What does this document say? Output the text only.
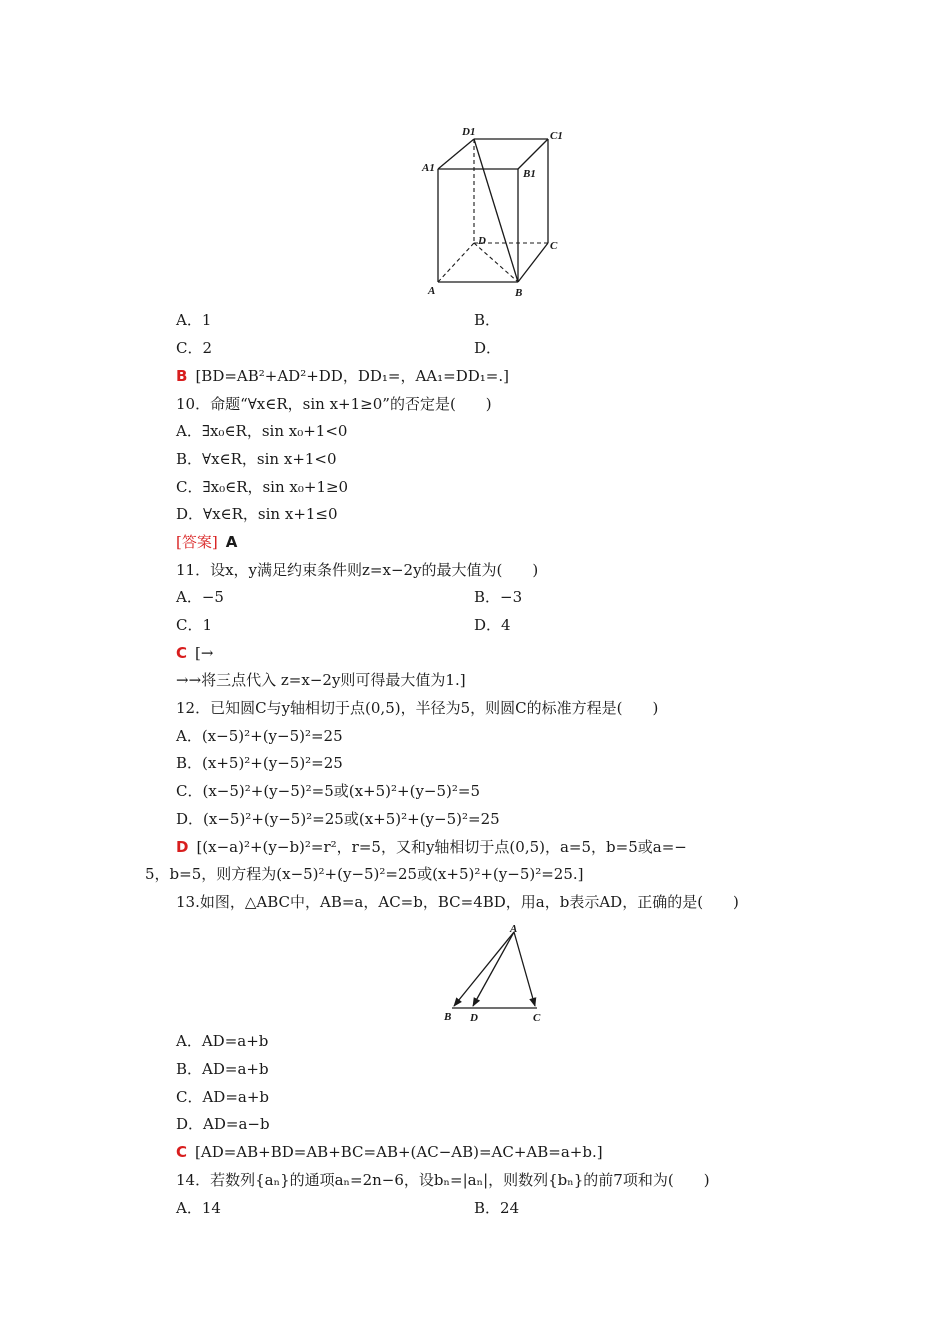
D1	C1
A1	B1
D	C
A	B
A．1	B．
C．2	D．
B [BD=AB²+AD²+DD，DD₁=，AA₁=DD₁=.]
10．命题“∀x∈R，sin x+1≥0”的否定是(　　)
A．∃x₀∈R，sin x₀+1<0
B．∀x∈R，sin x+1<0
C．∃x₀∈R，sin x₀+1≥0
D．∀x∈R，sin x+1≤0
[答案] A
11．设x，y满足约束条件则z=x−2y的最大值为(　　)
A．−5	B．−3
C．1	D．4
C [→
→→将三点代入 z=x−2y则可得最大值为1.]
12．已知圆C与y轴相切于点(0,5)，半径为5，则圆C的标准方程是(　　)
A．(x−5)²+(y−5)²=25
B．(x+5)²+(y−5)²=25
C．(x−5)²+(y−5)²=5或(x+5)²+(y−5)²=5
D．(x−5)²+(y−5)²=25或(x+5)²+(y−5)²=25
D [(x−a)²+(y−b)²=r²，r=5，又和y轴相切于点(0,5)，a=5，b=5或a=−
5，b=5，则方程为(x−5)²+(y−5)²=25或(x+5)²+(y−5)²=25.]
13.如图，△ABC中，AB=a，AC=b，BC=4BD，用a，b表示AD，正确的是(　　)
A
B D	C
A．AD=a+b
B．AD=a+b
C．AD=a+b
D．AD=a−b
C [AD=AB+BD=AB+BC=AB+(AC−AB)=AC+AB=a+b.]
14．若数列{aₙ}的通项aₙ=2n−6，设bₙ=|aₙ|，则数列{bₙ}的前7项和为(　　)
A．14	B．24
